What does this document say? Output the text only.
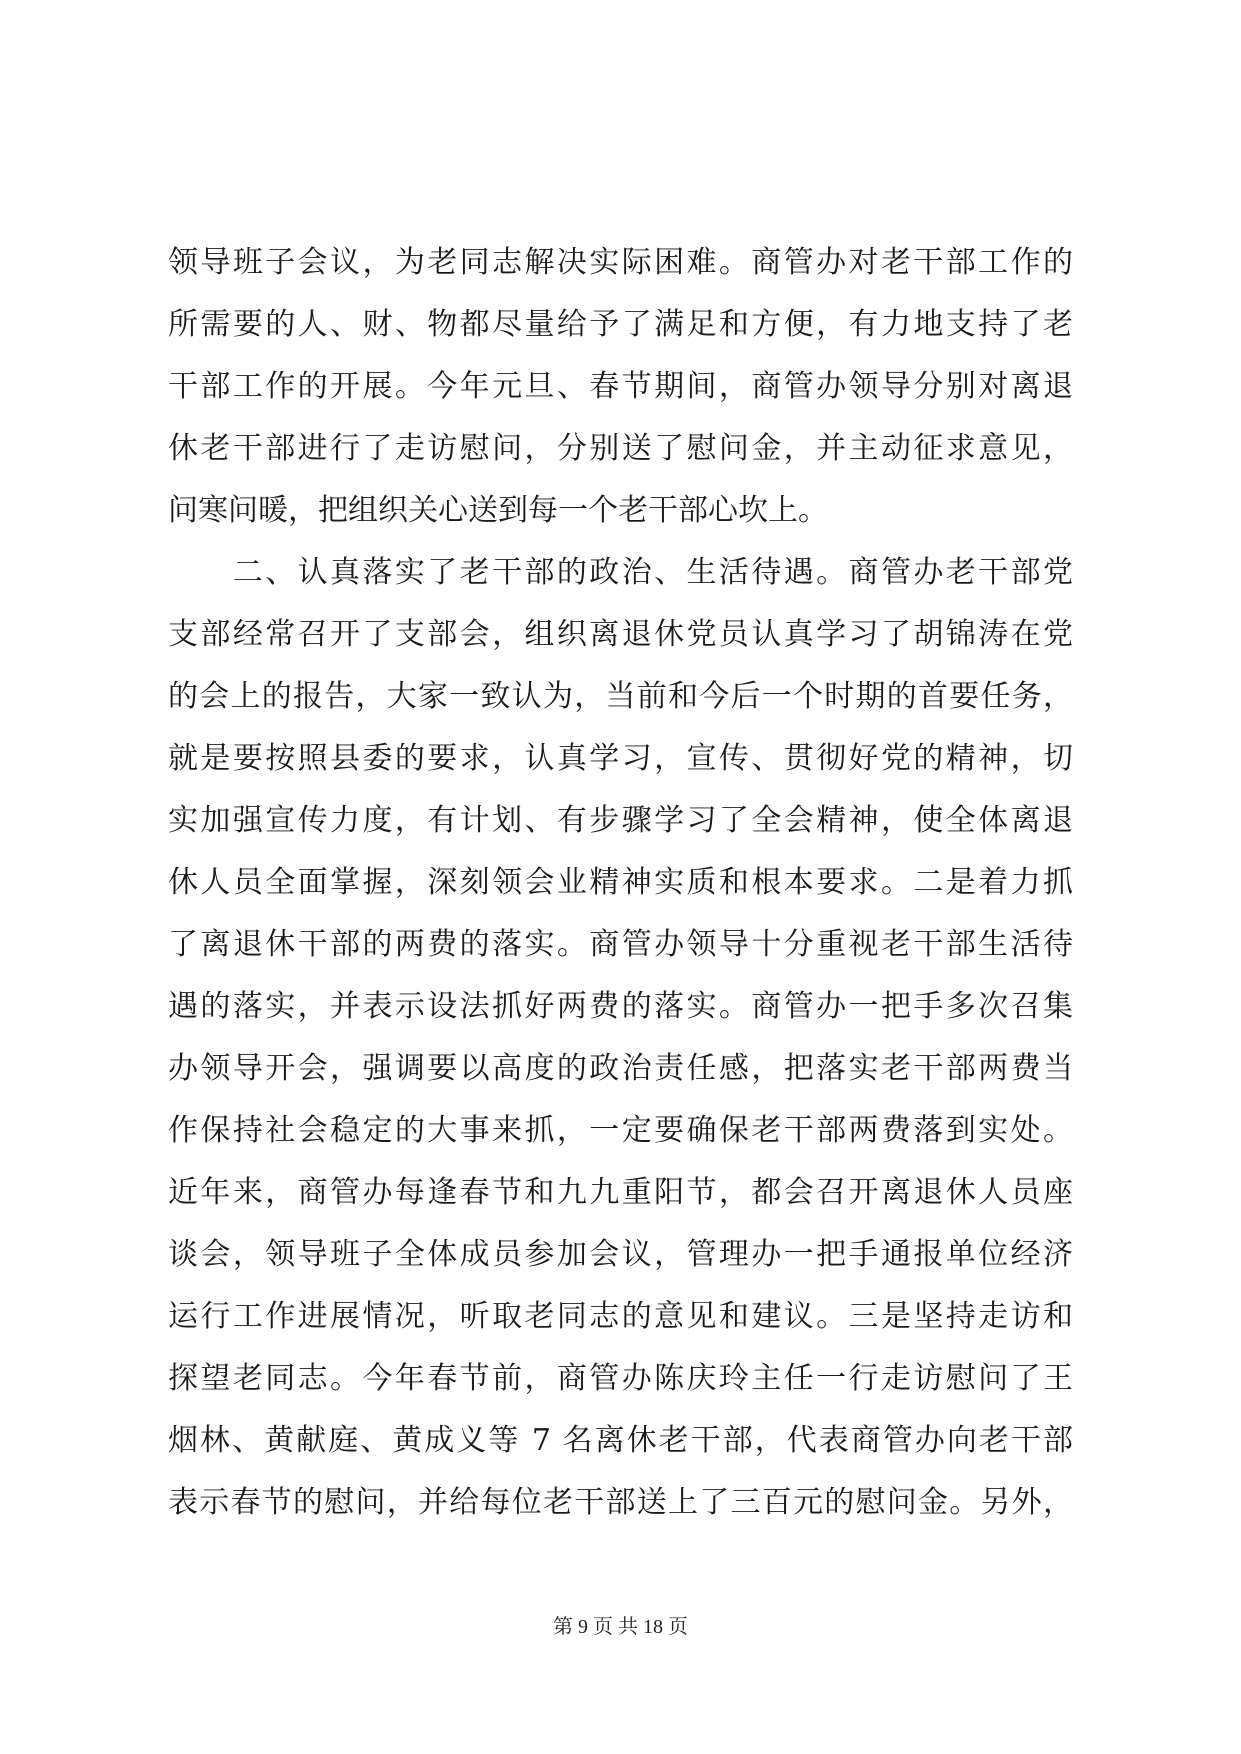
领导班子会议，为老同志解决实际困难。商管办对老干部工作的
所需要的人、财、物都尽量给予了满足和方便，有力地支持了老
干部工作的开展。今年元旦、春节期间，商管办领导分别对离退
休老干部进行了走访慰问，分别送了慰问金，并主动征求意见，
问寒问暖，把组织关心送到每一个老干部心坎上。
　　二、认真落实了老干部的政治、生活待遇。商管办老干部党
支部经常召开了支部会，组织离退休党员认真学习了胡锦涛在党
的会上的报告，大家一致认为，当前和今后一个时期的首要任务，
就是要按照县委的要求，认真学习，宣传、贯彻好党的精神，切
实加强宣传力度，有计划、有步骤学习了全会精神，使全体离退
休人员全面掌握，深刻领会业精神实质和根本要求。二是着力抓
了离退休干部的两费的落实。商管办领导十分重视老干部生活待
遇的落实，并表示设法抓好两费的落实。商管办一把手多次召集
办领导开会，强调要以高度的政治责任感，把落实老干部两费当
作保持社会稳定的大事来抓，一定要确保老干部两费落到实处。
近年来，商管办每逢春节和九九重阳节，都会召开离退休人员座
谈会，领导班子全体成员参加会议，管理办一把手通报单位经济
运行工作进展情况，听取老同志的意见和建议。三是坚持走访和
探望老同志。今年春节前，商管办陈庆玲主任一行走访慰问了王
烟林、黄献庭、黄成义等 7 名离休老干部，代表商管办向老干部
表示春节的慰问，并给每位老干部送上了三百元的慰问金。另外，
第 9 页 共 18 页
